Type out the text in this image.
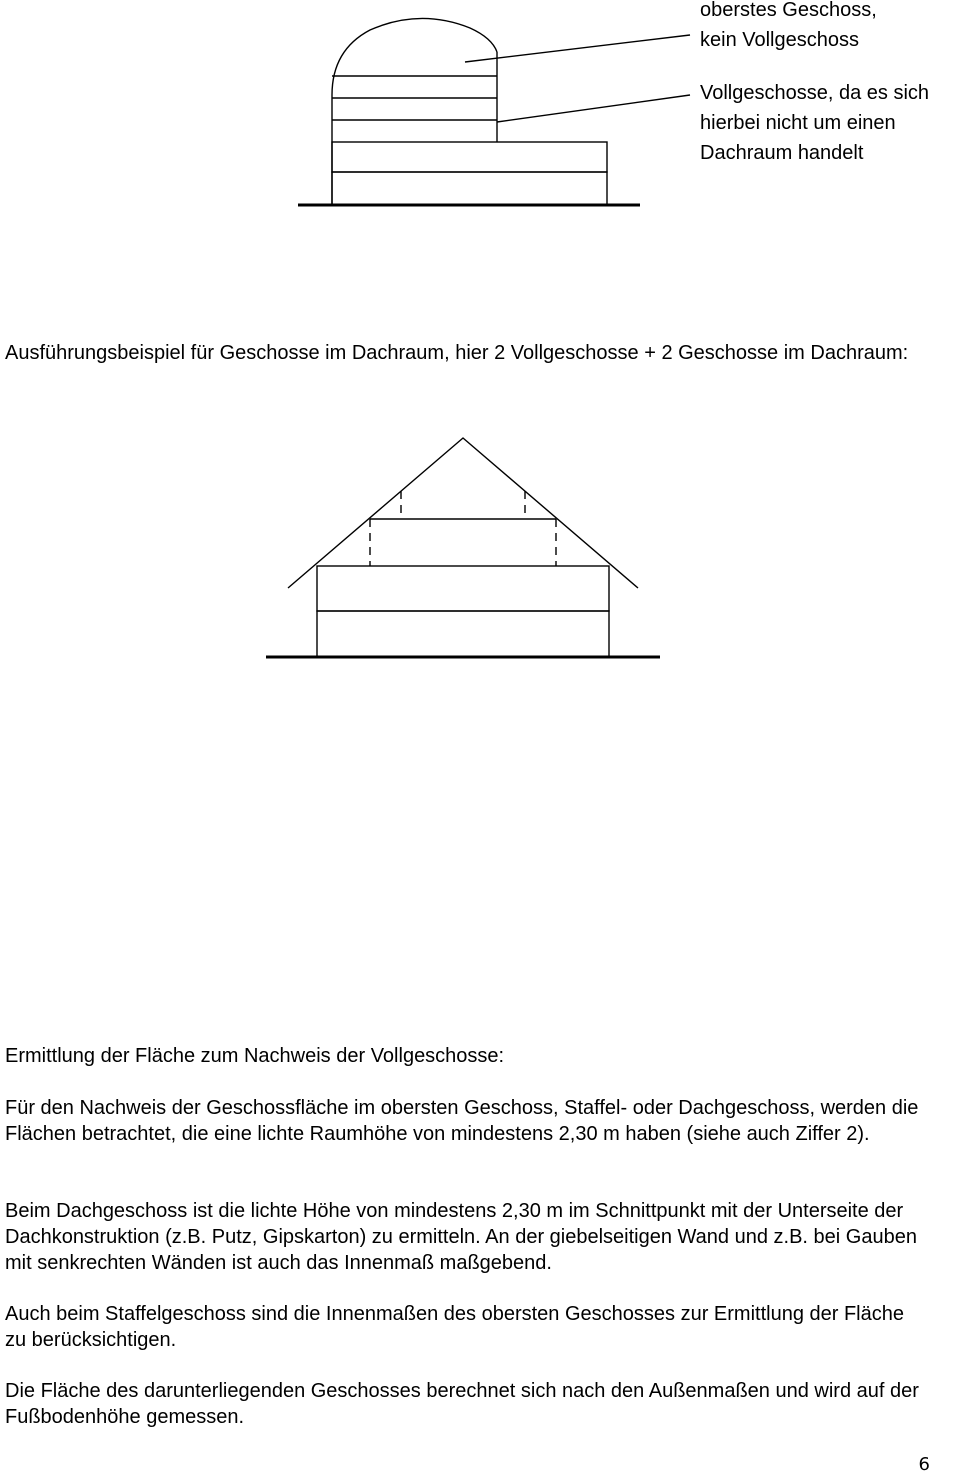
oberstes Geschoss,
kein Vollgeschoss
Vollgeschosse, da es sich
hierbei nicht um einen
Dachraum handelt

Ausführungsbeispiel für Geschosse im Dachraum, hier 2 Vollgeschosse + 2 Geschosse im Dachraum:

Ermittlung der Fläche zum Nachweis der Vollgeschosse:

Für den Nachweis der Geschossfläche im obersten Geschoss, Staffel- oder Dachgeschoss, werden die Flächen betrachtet, die eine lichte Raumhöhe von mindestens 2,30 m haben (siehe auch Ziffer 2).

Beim Dachgeschoss ist die lichte Höhe von mindestens 2,30 m im Schnittpunkt mit der Unterseite der Dachkonstruktion (z.B. Putz, Gipskarton) zu ermitteln. An der giebelseitigen Wand und z.B. bei Gauben mit senkrechten Wänden ist auch das Innenmaß maßgebend.

Auch beim Staffelgeschoss sind die Innenmaßen des obersten Geschosses zur Ermittlung der Fläche zu berücksichtigen.

Die Fläche des darunterliegenden Geschosses berechnet sich nach den Außenmaßen und wird auf der Fußbodenhöhe gemessen.

6
